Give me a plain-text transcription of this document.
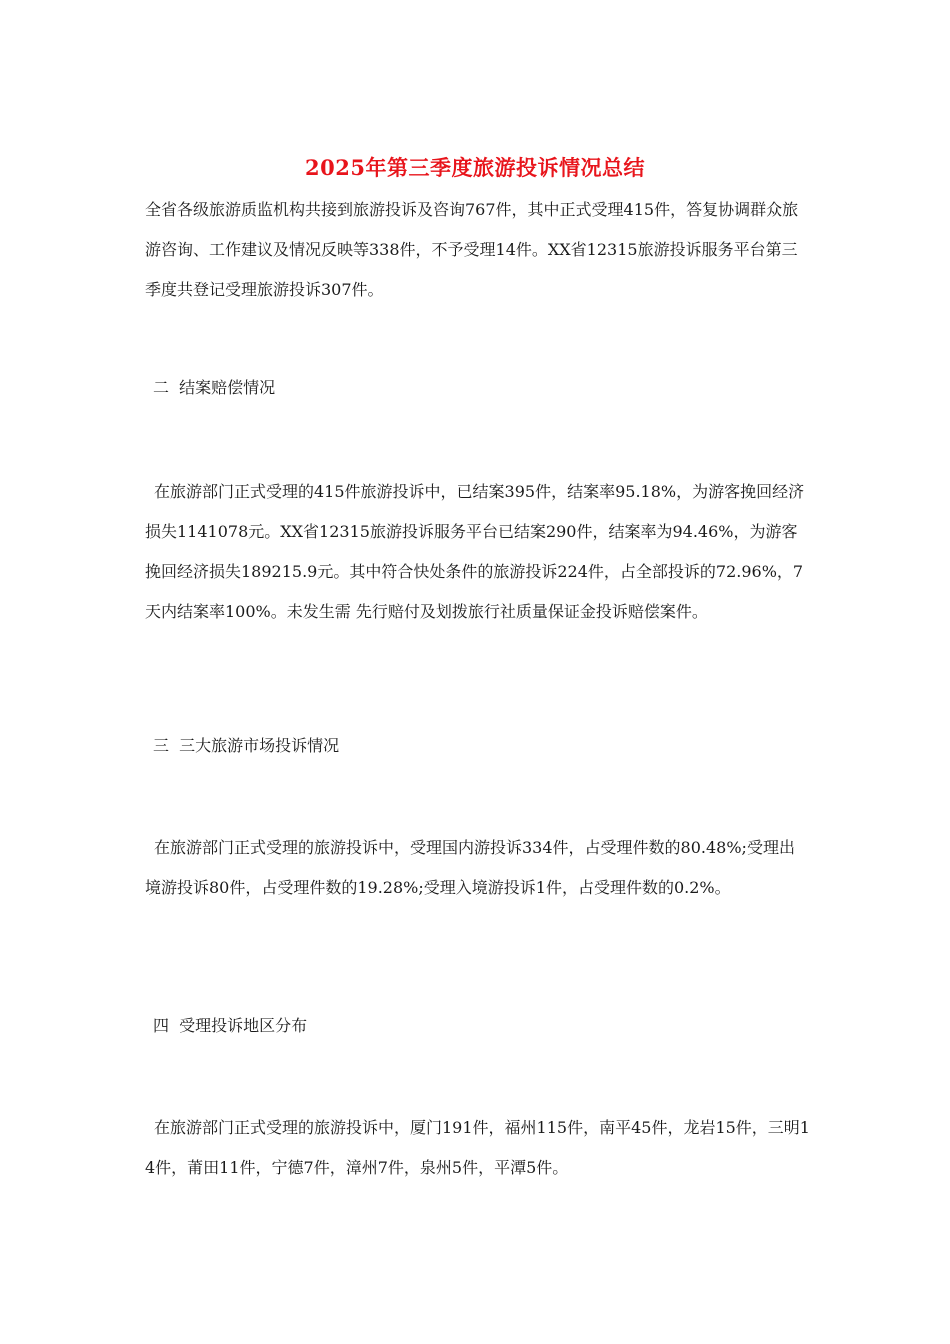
2025年第三季度旅游投诉情况总结

全省各级旅游质监机构共接到旅游投诉及咨询767件，其中正式受理415件，答复协调群众旅游咨询、工作建议及情况反映等338件，不予受理14件。XX省12315旅游投诉服务平台第三季度共登记受理旅游投诉307件。

二  结案赔偿情况

在旅游部门正式受理的415件旅游投诉中，已结案395件，结案率95.18%，为游客挽回经济损失1141078元。XX省12315旅游投诉服务平台已结案290件，结案率为94.46%，为游客挽回经济损失189215.9元。其中符合快处条件的旅游投诉224件，占全部投诉的72.96%，7天内结案率100%。未发生需 先行赔付及划拨旅行社质量保证金投诉赔偿案件。

三  三大旅游市场投诉情况

在旅游部门正式受理的旅游投诉中，受理国内游投诉334件，占受理件数的80.48%;受理出境游投诉80件，占受理件数的19.28%;受理入境游投诉1件，占受理件数的0.2%。

四  受理投诉地区分布

在旅游部门正式受理的旅游投诉中，厦门191件，福州115件，南平45件，龙岩15件，三明14件，莆田11件，宁德7件，漳州7件，泉州5件，平潭5件。
